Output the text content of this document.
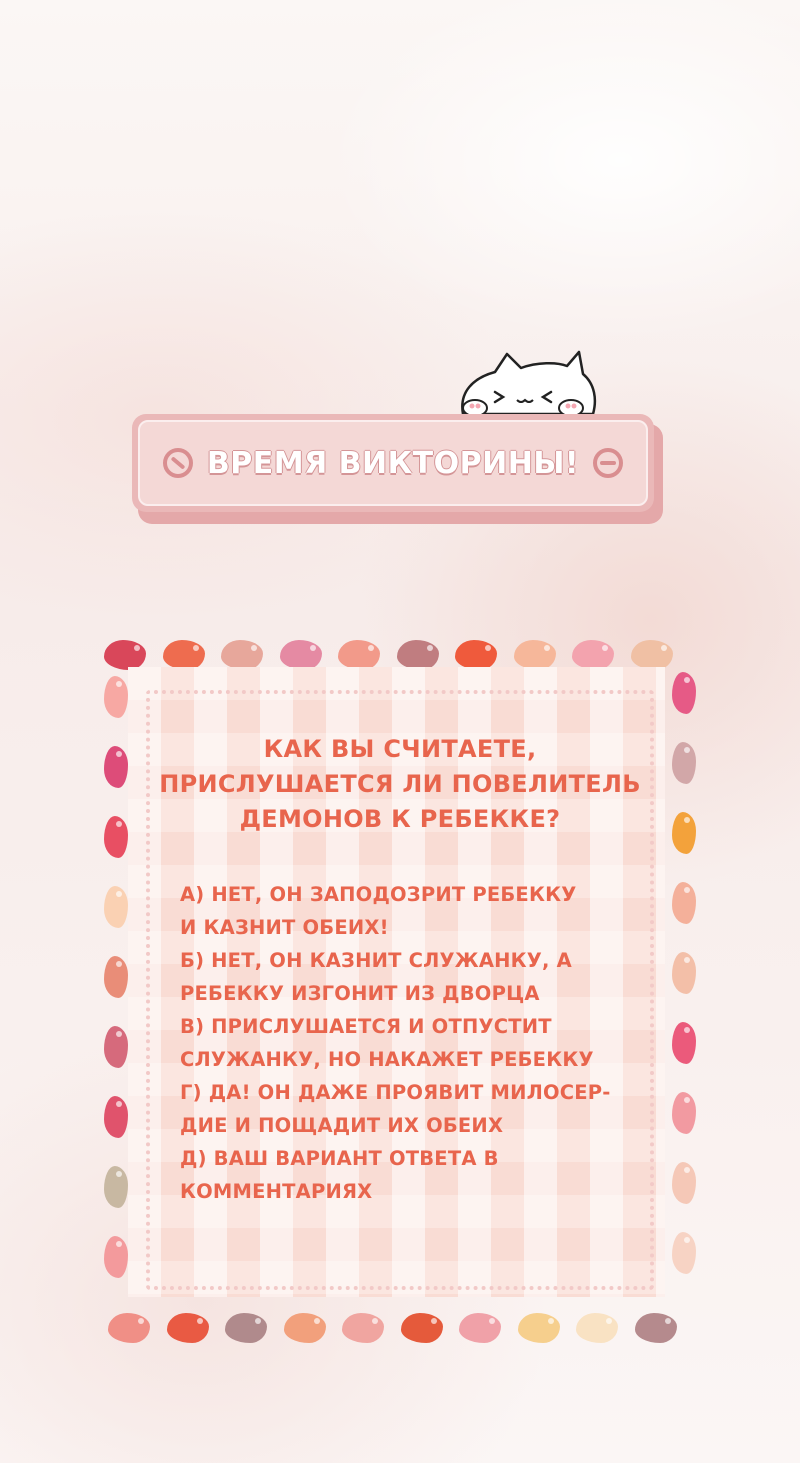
ВРЕМЯ ВИКТОРИНЫ!
КАК ВЫ СЧИТАЕТЕ,
ПРИСЛУШАЕТСЯ ЛИ ПОВЕЛИТЕЛЬ
ДЕМОНОВ К РЕБЕККЕ?
А) НЕТ, ОН ЗАПОДОЗРИТ РЕБЕККУ
И КАЗНИТ ОБЕИХ!
Б) НЕТ, ОН КАЗНИТ СЛУЖАНКУ, А
РЕБЕККУ ИЗГОНИТ ИЗ ДВОРЦА
В) ПРИСЛУШАЕТСЯ И ОТПУСТИТ
СЛУЖАНКУ, НО НАКАЖЕТ РЕБЕККУ
Г) ДА! ОН ДАЖЕ ПРОЯВИТ МИЛОСЕР-
ДИЕ И ПОЩАДИТ ИХ ОБЕИХ
Д) ВАШ ВАРИАНТ ОТВЕТА В
КОММЕНТАРИЯХ
